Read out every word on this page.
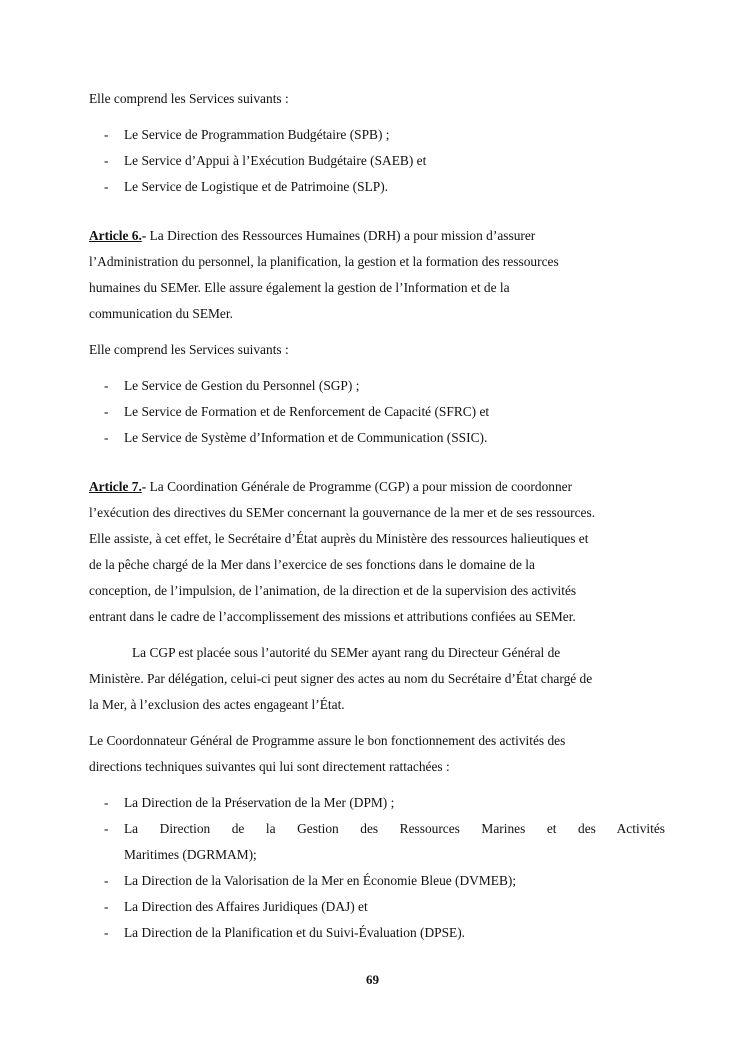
Elle comprend les Services suivants :

- Le Service de Programmation Budgétaire (SPB) ;
- Le Service d’Appui à l’Exécution Budgétaire (SAEB) et
- Le Service de Logistique et de Patrimoine (SLP).

Article 6.- La Direction des Ressources Humaines (DRH) a pour mission d’assurer
l’Administration du personnel, la planification, la gestion et la formation des ressources
humaines du SEMer. Elle assure également la gestion de l’Information et de la
communication du SEMer.

Elle comprend les Services suivants :

- Le Service de Gestion du Personnel (SGP) ;
- Le Service de Formation et de Renforcement de Capacité (SFRC) et
- Le Service de Système d’Information et de Communication (SSIC).

Article 7.- La Coordination Générale de Programme (CGP) a pour mission de coordonner
l’exécution des directives du SEMer concernant la gouvernance de la mer et de ses ressources.
Elle assiste, à cet effet, le Secrétaire d’État auprès du Ministère des ressources halieutiques et
de la pêche chargé de la Mer dans l’exercice de ses fonctions dans le domaine de la
conception, de l’impulsion, de l’animation, de la direction et de la supervision des activités
entrant dans le cadre de l’accomplissement des missions et attributions confiées au SEMer.

La CGP est placée sous l’autorité du SEMer ayant rang du Directeur Général de
Ministère. Par délégation, celui-ci peut signer des actes au nom du Secrétaire d’État chargé de
la Mer, à l’exclusion des actes engageant l’État.

Le Coordonnateur Général de Programme assure le bon fonctionnement des activités des
directions techniques suivantes qui lui sont directement rattachées :

- La Direction de la Préservation de la Mer (DPM) ;
- La Direction de la Gestion des Ressources Marines et des Activités
Maritimes (DGRMAM);
- La Direction de la Valorisation de la Mer en Économie Bleue (DVMEB);
- La Direction des Affaires Juridiques (DAJ) et
- La Direction de la Planification et du Suivi-Évaluation (DPSE).
69
